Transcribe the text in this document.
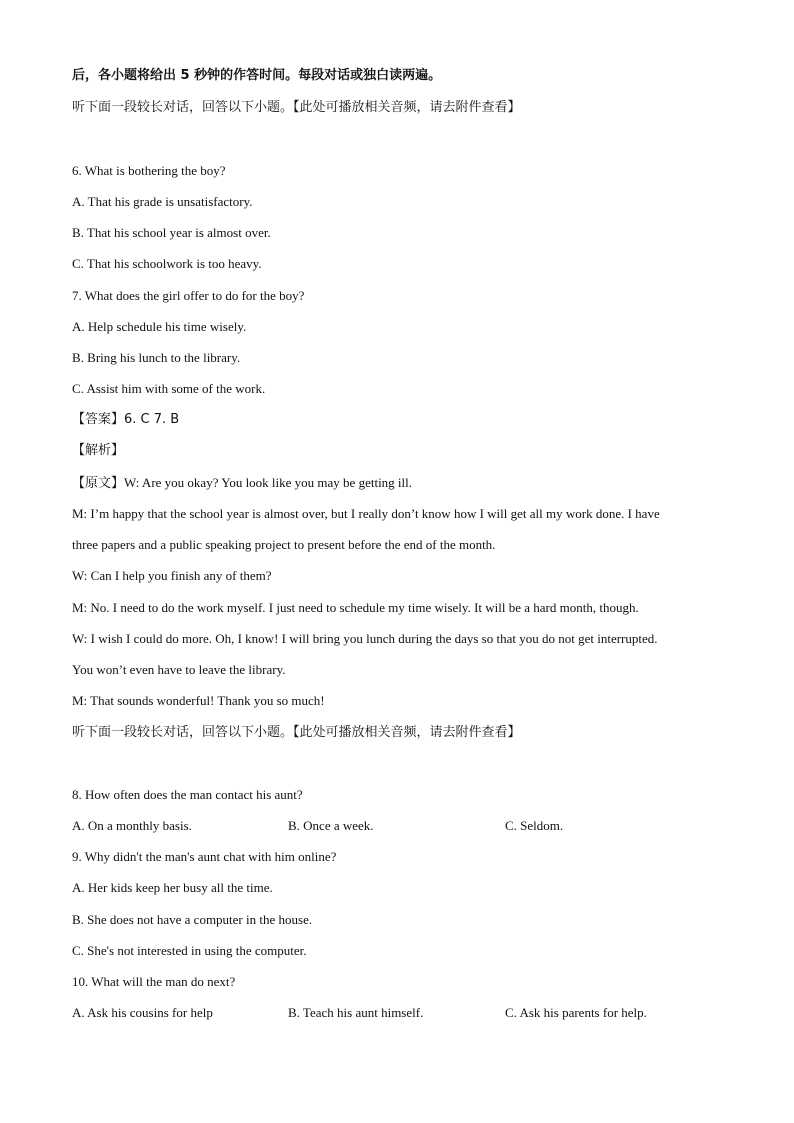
后，各小题将给出 5 秒钟的作答时间。每段对话或独白读两遍。
听下面一段较长对话，回答以下小题。【此处可播放相关音频，请去附件查看】
6. What is bothering the boy?
A. That his grade is unsatisfactory.
B. That his school year is almost over.
C. That his schoolwork is too heavy.
7. What does the girl offer to do for the boy?
A. Help schedule his time wisely.
B. Bring his lunch to the library.
C. Assist him with some of the work.
【答案】6. C 7. B
【解析】
【原文】W: Are you okay? You look like you may be getting ill.
M: I’m happy that the school year is almost over, but I really don’t know how I will get all my work done. I have
three papers and a public speaking project to present before the end of the month.
W: Can I help you finish any of them?
M: No. I need to do the work myself. I just need to schedule my time wisely. It will be a hard month, though.
W: I wish I could do more. Oh, I know! I will bring you lunch during the days so that you do not get interrupted.
You won’t even have to leave the library.
M: That sounds wonderful! Thank you so much!
听下面一段较长对话，回答以下小题。【此处可播放相关音频，请去附件查看】
8. How often does the man contact his aunt?
A. On a monthly basis.	B. Once a week.	C. Seldom.
9. Why didn't the man's aunt chat with him online?
A. Her kids keep her busy all the time.
B. She does not have a computer in the house.
C. She's not interested in using the computer.
10. What will the man do next?
A. Ask his cousins for help	B. Teach his aunt himself.	C. Ask his parents for help.
